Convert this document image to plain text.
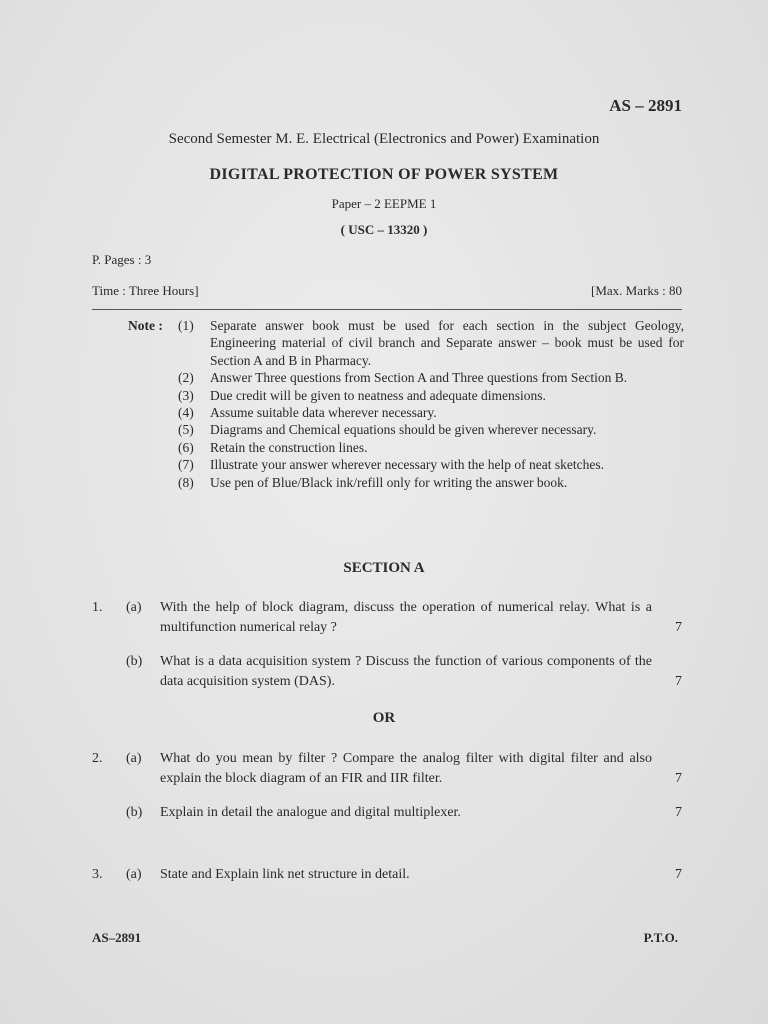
AS – 2891
Second Semester M. E. Electrical (Electronics and Power) Examination
DIGITAL PROTECTION OF POWER SYSTEM
Paper – 2 EEPME 1
( USC – 13320 )
P. Pages : 3
Time : Three Hours]	[Max. Marks : 80
Note :	(1)	Separate answer book must be used for each section in the subject Geology, Engineering material of civil branch and Separate answer – book must be used for Section A and B in Pharmacy.
(2)	Answer Three questions from Section A and Three questions from Section B.
(3)	Due credit will be given to neatness and adequate dimensions.
(4)	Assume suitable data wherever necessary.
(5)	Diagrams and Chemical equations should be given wherever necessary.
(6)	Retain the construction lines.
(7)	Illustrate your answer wherever necessary with the help of neat sketches.
(8)	Use pen of Blue/Black ink/refill only for writing the answer book.
SECTION A
1.	(a)	With the help of block diagram, discuss the operation of numerical relay. What is a multifunction numerical relay ?	7
(b)	What is a data acquisition system ? Discuss the function of various components of the data acquisition system (DAS).	7
OR
2.	(a)	What do you mean by filter ? Compare the analog filter with digital filter and also explain the block diagram of an FIR and IIR filter.	7
(b)	Explain in detail the analogue and digital multiplexer.	7
3.	(a)	State and Explain link net structure in detail.	7
AS–2891	P.T.O.
